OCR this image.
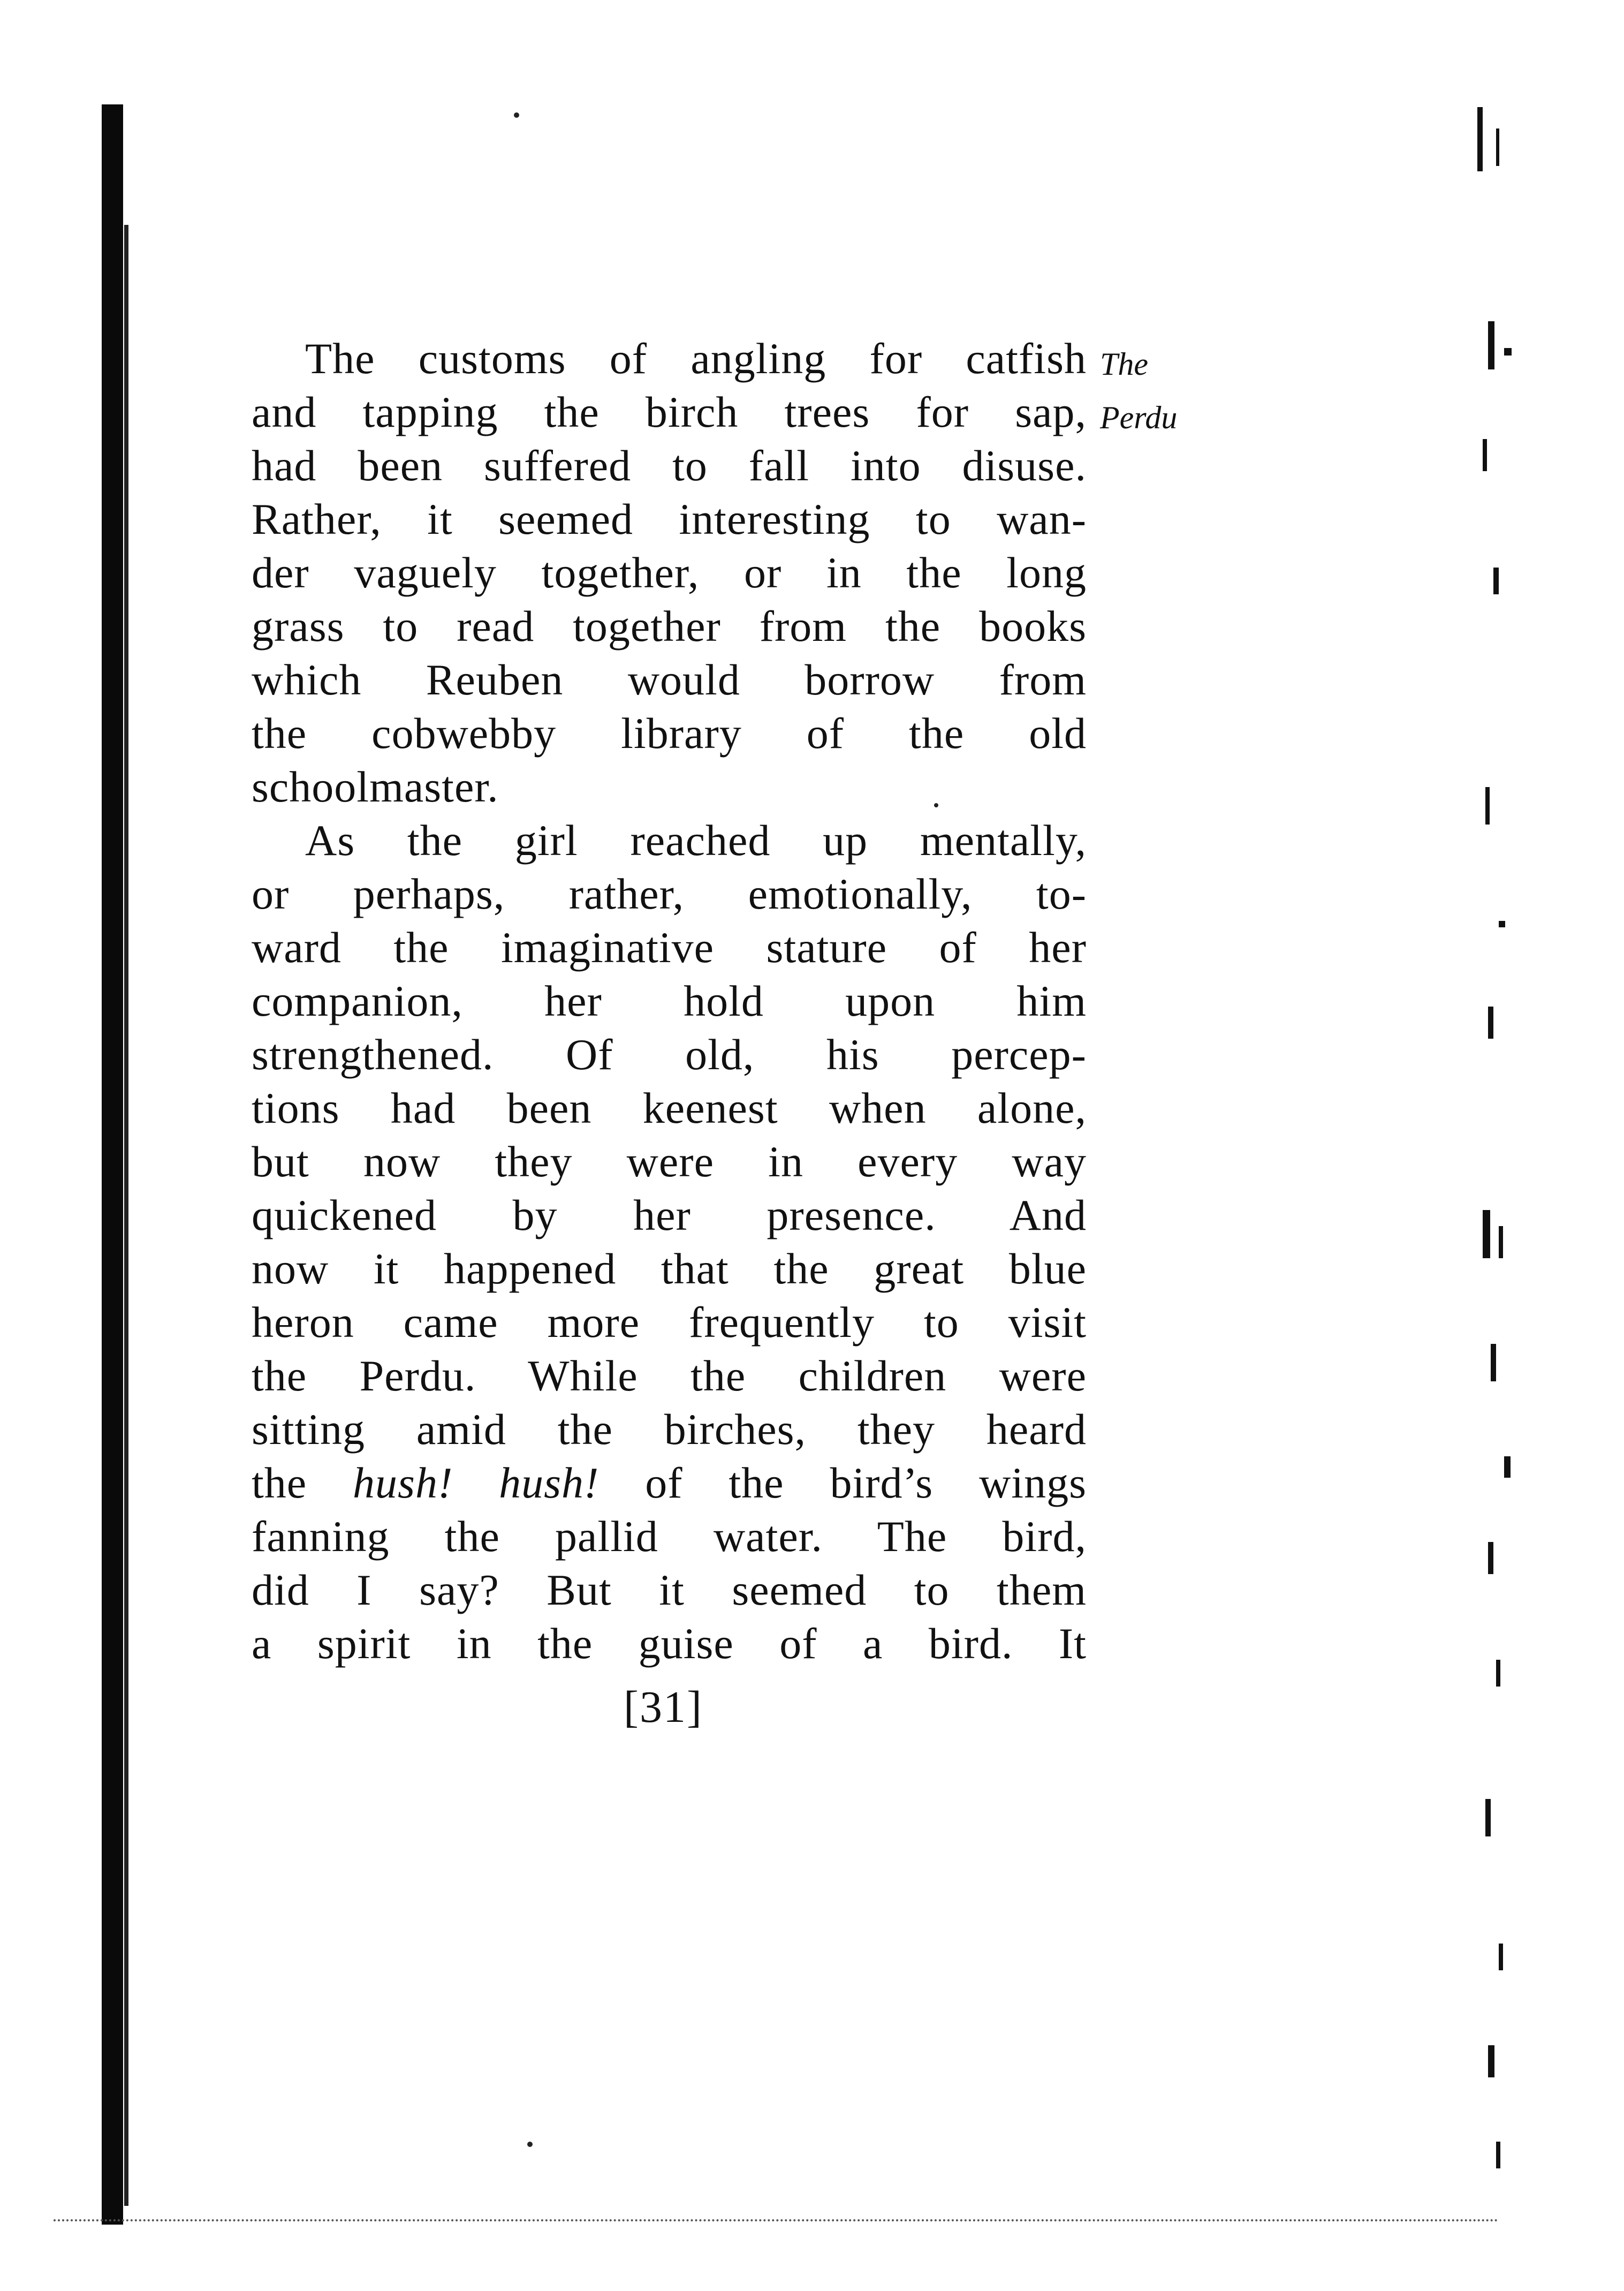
The customs of angling for catfish
and tapping the birch trees for sap,
had been suffered to fall into disuse.
Rather, it seemed interesting to wan-
der vaguely together, or in the long
grass to read together from the books
which Reuben would borrow from
the cobwebby library of the old
schoolmaster.

As the girl reached up mentally,
or perhaps, rather, emotionally, to-
ward the imaginative stature of her
companion, her hold upon him
strengthened. Of old, his percep-
tions had been keenest when alone,
but now they were in every way
quickened by her presence. And
now it happened that the great blue
heron came more frequently to visit
the Perdu. While the children were
sitting amid the birches, they heard
the hush! hush! of the bird’s wings
fanning the pallid water. The bird,
did I say? But it seemed to them
a spirit in the guise of a bird. It

The
Perdu
[31]
